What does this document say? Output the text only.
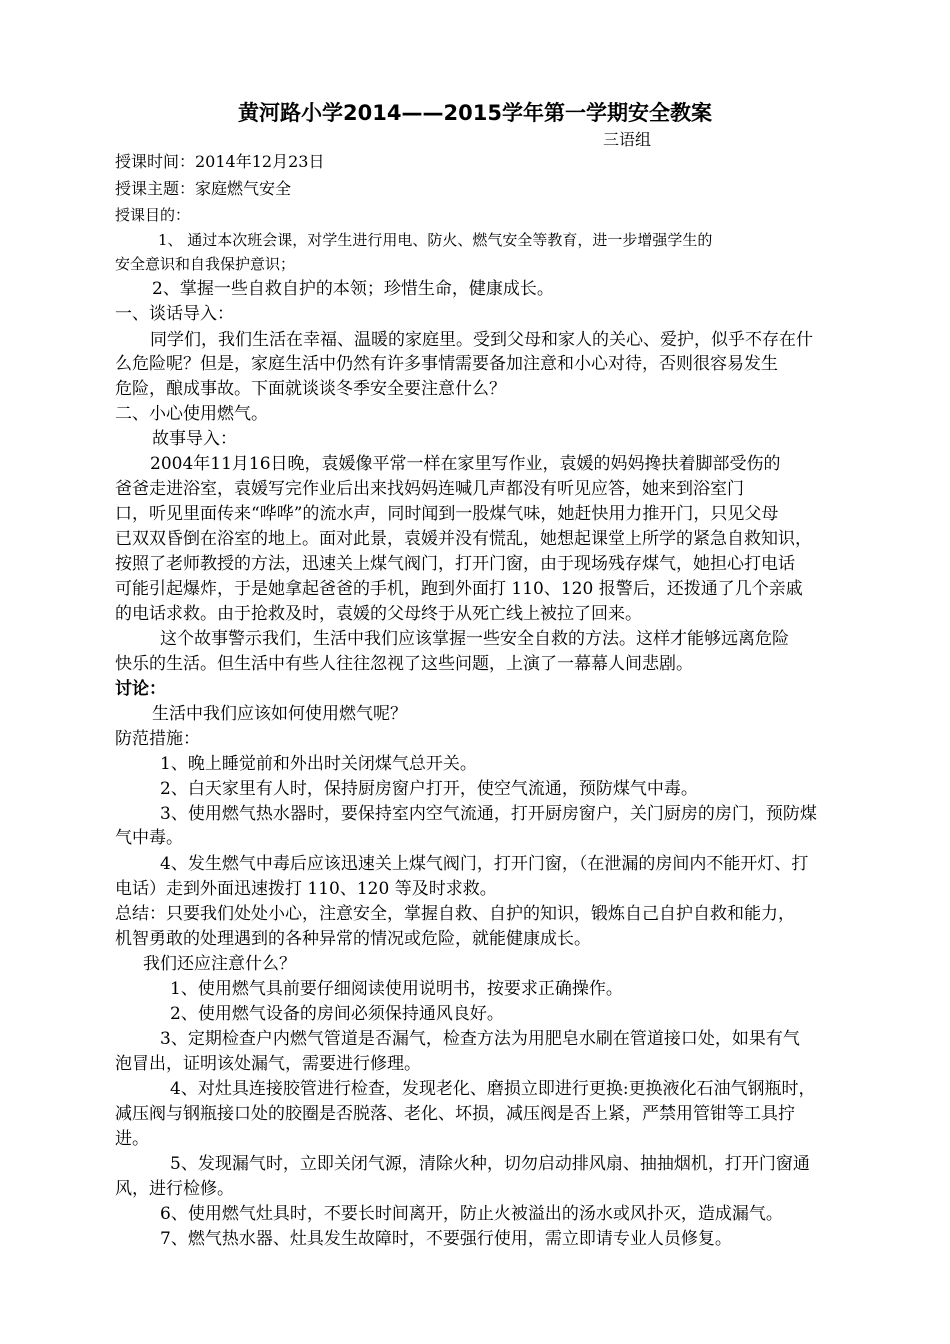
黄河路小学2014——2015学年第一学期安全教案
三语组
授课时间：2014年12月23日
授课主题：家庭燃气安全
授课目的：
1、 通过本次班会课，对学生进行用电、防火、燃气安全等教育，进一步增强学生的
安全意识和自我保护意识；
2、掌握一些自救自护的本领；珍惜生命，健康成长。
一、谈话导入：
同学们，我们生活在幸福、温暖的家庭里。受到父母和家人的关心、爱护，似乎不存在什
么危险呢？但是，家庭生活中仍然有许多事情需要备加注意和小心对待，否则很容易发生
危险，酿成事故。下面就谈谈冬季安全要注意什么？
二、小心使用燃气。
故事导入：
2004年11月16日晚，袁媛像平常一样在家里写作业，袁媛的妈妈搀扶着脚部受伤的
爸爸走进浴室，袁媛写完作业后出来找妈妈连喊几声都没有听见应答，她来到浴室门
口，听见里面传来“哗哗”的流水声，同时闻到一股煤气味，她赶快用力推开门，只见父母
已双双昏倒在浴室的地上。面对此景，袁媛并没有慌乱，她想起课堂上所学的紧急自救知识，
按照了老师教授的方法，迅速关上煤气阀门，打开门窗，由于现场残存煤气，她担心打电话
可能引起爆炸，于是她拿起爸爸的手机，跑到外面打 110、120 报警后，还拨通了几个亲戚
的电话求救。由于抢救及时，袁媛的父母终于从死亡线上被拉了回来。
这个故事警示我们，生活中我们应该掌握一些安全自救的方法。这样才能够远离危险
快乐的生活。但生活中有些人往往忽视了这些问题，上演了一幕幕人间悲剧。
讨论：
生活中我们应该如何使用燃气呢？
防范措施：
1、晚上睡觉前和外出时关闭煤气总开关。
2、白天家里有人时，保持厨房窗户打开，使空气流通，预防煤气中毒。
3、使用燃气热水器时，要保持室内空气流通，打开厨房窗户，关门厨房的房门，预防煤
气中毒。
4、发生燃气中毒后应该迅速关上煤气阀门，打开门窗，（在泄漏的房间内不能开灯、打
电话）走到外面迅速拨打 110、120 等及时求救。
总结：只要我们处处小心，注意安全，掌握自救、自护的知识，锻炼自己自护自救和能力，
机智勇敢的处理遇到的各种异常的情况或危险，就能健康成长。
我们还应注意什么？
1、使用燃气具前要仔细阅读使用说明书，按要求正确操作。
2、使用燃气设备的房间必须保持通风良好。
3、定期检查户内燃气管道是否漏气，检查方法为用肥皂水刷在管道接口处，如果有气
泡冒出，证明该处漏气，需要进行修理。
4、对灶具连接胶管进行检查，发现老化、磨损立即进行更换:更换液化石油气钢瓶时，
减压阀与钢瓶接口处的胶圈是否脱落、老化、坏损，减压阀是否上紧，严禁用管钳等工具拧
进。
5、发现漏气时，立即关闭气源，清除火种，切勿启动排风扇、抽抽烟机，打开门窗通
风，进行检修。
6、使用燃气灶具时，不要长时间离开，防止火被溢出的汤水或风扑灭，造成漏气。
7、燃气热水器、灶具发生故障时，不要强行使用，需立即请专业人员修复。
